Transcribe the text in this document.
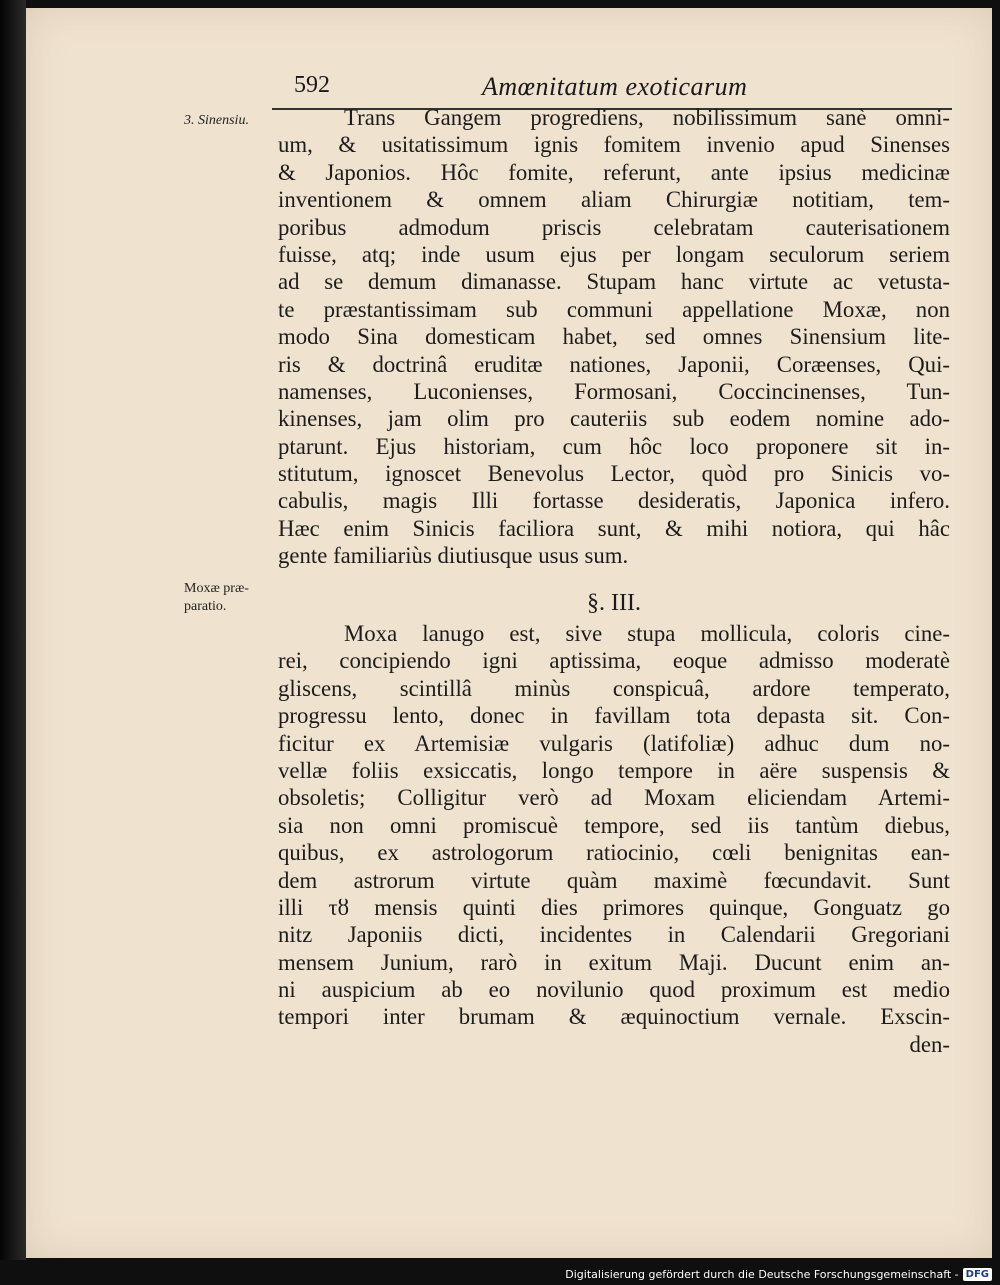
592	Amœnitatum exoticarum
3. Sinensiu.
Moxæ præ-
paratio.
Trans Gangem progrediens, nobilissimum sanè omni-
um, & usitatissimum ignis fomitem invenio apud Sinenses
& Japonios. Hôc fomite, referunt, ante ipsius medicinæ
inventionem & omnem aliam Chirurgiæ notitiam, tem-
poribus admodum priscis celebratam cauterisationem
fuisse, atq; inde usum ejus per longam seculorum seriem
ad se demum dimanasse. Stupam hanc virtute ac vetusta-
te præstantissimam sub communi appellatione Moxæ, non
modo Sina domesticam habet, sed omnes Sinensium lite-
ris & doctrinâ eruditæ nationes, Japonii, Coræenses, Qui-
namenses, Luconienses, Formosani, Coccincinenses, Tun-
kinenses, jam olim pro cauteriis sub eodem nomine ado-
ptarunt. Ejus historiam, cum hôc loco proponere sit in-
stitutum, ignoscet Benevolus Lector, quòd pro Sinicis vo-
cabulis, magis Illi fortasse desideratis, Japonica infero.
Hæc enim Sinicis faciliora sunt, & mihi notiora, qui hâc
gente familiariùs diutiusque usus sum.
§. III.
Moxa lanugo est, sive stupa mollicula, coloris cine-
rei, concipiendo igni aptissima, eoque admisso moderatè
gliscens, scintillâ minùs conspicuâ, ardore temperato,
progressu lento, donec in favillam tota depasta sit. Con-
ficitur ex Artemisiæ vulgaris (latifoliæ) adhuc dum no-
vellæ foliis exsiccatis, longo tempore in aëre suspensis &
obsoletis; Colligitur verò ad Moxam eliciendam Artemi-
sia non omni promiscuè tempore, sed iis tantùm diebus,
quibus, ex astrologorum ratiocinio, cœli benignitas ean-
dem astrorum virtute quàm maximè fœcundavit. Sunt
illi τȣ mensis quinti dies primores quinque, Gonguatz go
nitz Japoniis dicti, incidentes in Calendarii Gregoriani
mensem Junium, rarò in exitum Maji. Ducunt enim an-
ni auspicium ab eo novilunio quod proximum est medio
tempori inter brumam & æquinoctium vernale. Exscin-
den-
Digitalisierung gefördert durch die Deutsche Forschungsgemeinschaft - DFG
